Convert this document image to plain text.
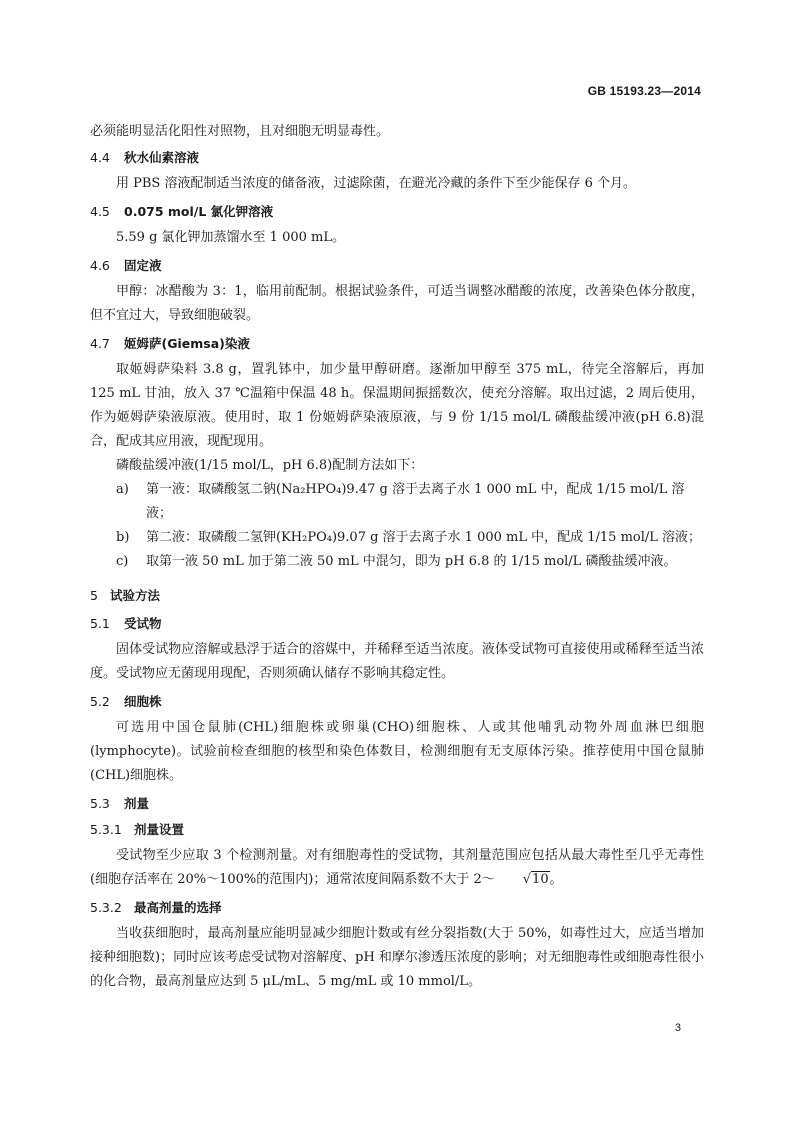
GB 15193.23—2014

必须能明显活化阳性对照物，且对细胞无明显毒性。

4.4	秋水仙素溶液

用 PBS 溶液配制适当浓度的储备液，过滤除菌，在避光冷藏的条件下至少能保存 6 个月。

4.5	0.075 mol/L 氯化钾溶液

5.59 g 氯化钾加蒸馏水至 1 000 mL。

4.6	固定液

甲醇：冰醋酸为 3：1，临用前配制。根据试验条件，可适当调整冰醋酸的浓度，改善染色体分散度，但不宜过大，导致细胞破裂。

4.7	姬姆萨(Giemsa)染液

取姬姆萨染料 3.8 g，置乳钵中，加少量甲醇研磨。逐渐加甲醇至 375 mL，待完全溶解后，再加 125 mL 甘油，放入 37 ℃温箱中保温 48 h。保温期间振摇数次，使充分溶解。取出过滤，2 周后使用，作为姬姆萨染液原液。使用时，取 1 份姬姆萨染液原液，与 9 份 1/15 mol/L 磷酸盐缓冲液(pH 6.8)混合，配成其应用液，现配现用。

磷酸盐缓冲液(1/15 mol/L，pH 6.8)配制方法如下：

a)	第一液：取磷酸氢二钠(Na₂HPO₄)9.47 g 溶于去离子水 1 000 mL 中，配成 1/15 mol/L 溶液；
b)	第二液：取磷酸二氢钾(KH₂PO₄)9.07 g 溶于去离子水 1 000 mL 中，配成 1/15 mol/L 溶液；
c)	取第一液 50 mL 加于第二液 50 mL 中混匀，即为 pH 6.8 的 1/15 mol/L 磷酸盐缓冲液。
5 试验方法
5.1	受试物

固体受试物应溶解或悬浮于适合的溶媒中，并稀释至适当浓度。液体受试物可直接使用或稀释至适当浓度。受试物应无菌现用现配，否则须确认储存不影响其稳定性。

5.2	细胞株

可选用中国仓鼠肺(CHL)细胞株或卵巢(CHO)细胞株、人或其他哺乳动物外周血淋巴细胞(lymphocyte)。试验前检查细胞的核型和染色体数目，检测细胞有无支原体污染。推荐使用中国仓鼠肺(CHL)细胞株。

5.3	剂量
5.3.1 剂量设置

受试物至少应取 3 个检测剂量。对有细胞毒性的受试物，其剂量范围应包括从最大毒性至几乎无毒性(细胞存活率在 20%～100%的范围内)；通常浓度间隔系数不大于 2～ √10。

5.3.2 最高剂量的选择

当收获细胞时，最高剂量应能明显减少细胞计数或有丝分裂指数(大于 50%，如毒性过大，应适当增加接种细胞数)；同时应该考虑受试物对溶解度、pH 和摩尔渗透压浓度的影响；对无细胞毒性或细胞毒性很小的化合物，最高剂量应达到 5 μL/mL、5 mg/mL 或 10 mmol/L。

3
